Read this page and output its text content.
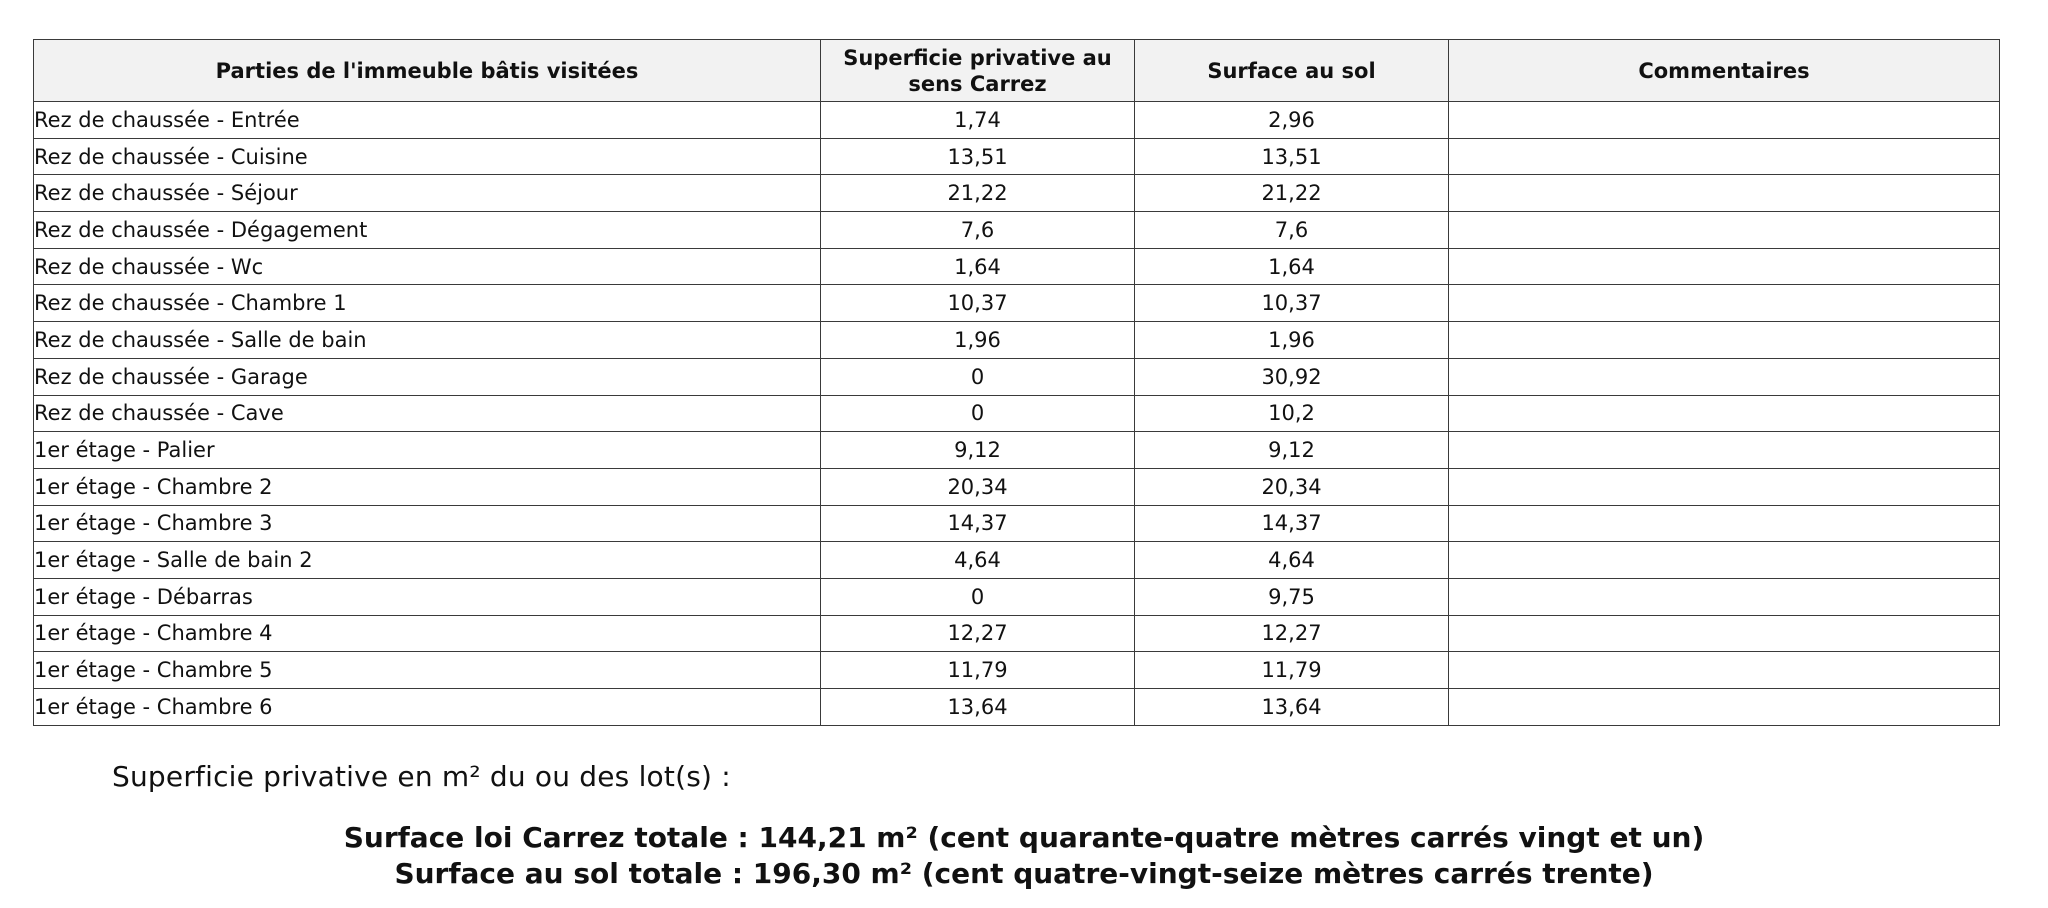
Parties de l'immeuble bâtis visitées	Superficie privative au sens Carrez	Surface au sol	Commentaires
Rez de chaussée - Entrée	1,74	2,96	
Rez de chaussée - Cuisine	13,51	13,51	
Rez de chaussée - Séjour	21,22	21,22	
Rez de chaussée - Dégagement	7,6	7,6	
Rez de chaussée - Wc	1,64	1,64	
Rez de chaussée - Chambre 1	10,37	10,37	
Rez de chaussée - Salle de bain	1,96	1,96	
Rez de chaussée - Garage	0	30,92	
Rez de chaussée - Cave	0	10,2	
1er étage - Palier	9,12	9,12	
1er étage - Chambre 2	20,34	20,34	
1er étage - Chambre 3	14,37	14,37	
1er étage - Salle de bain 2	4,64	4,64	
1er étage - Débarras	0	9,75	
1er étage - Chambre 4	12,27	12,27	
1er étage - Chambre 5	11,79	11,79	
1er étage - Chambre 6	13,64	13,64	
Superficie privative en m² du ou des lot(s) :
Surface loi Carrez totale : 144,21 m² (cent quarante-quatre mètres carrés vingt et un)
Surface au sol totale : 196,30 m² (cent quatre-vingt-seize mètres carrés trente)
